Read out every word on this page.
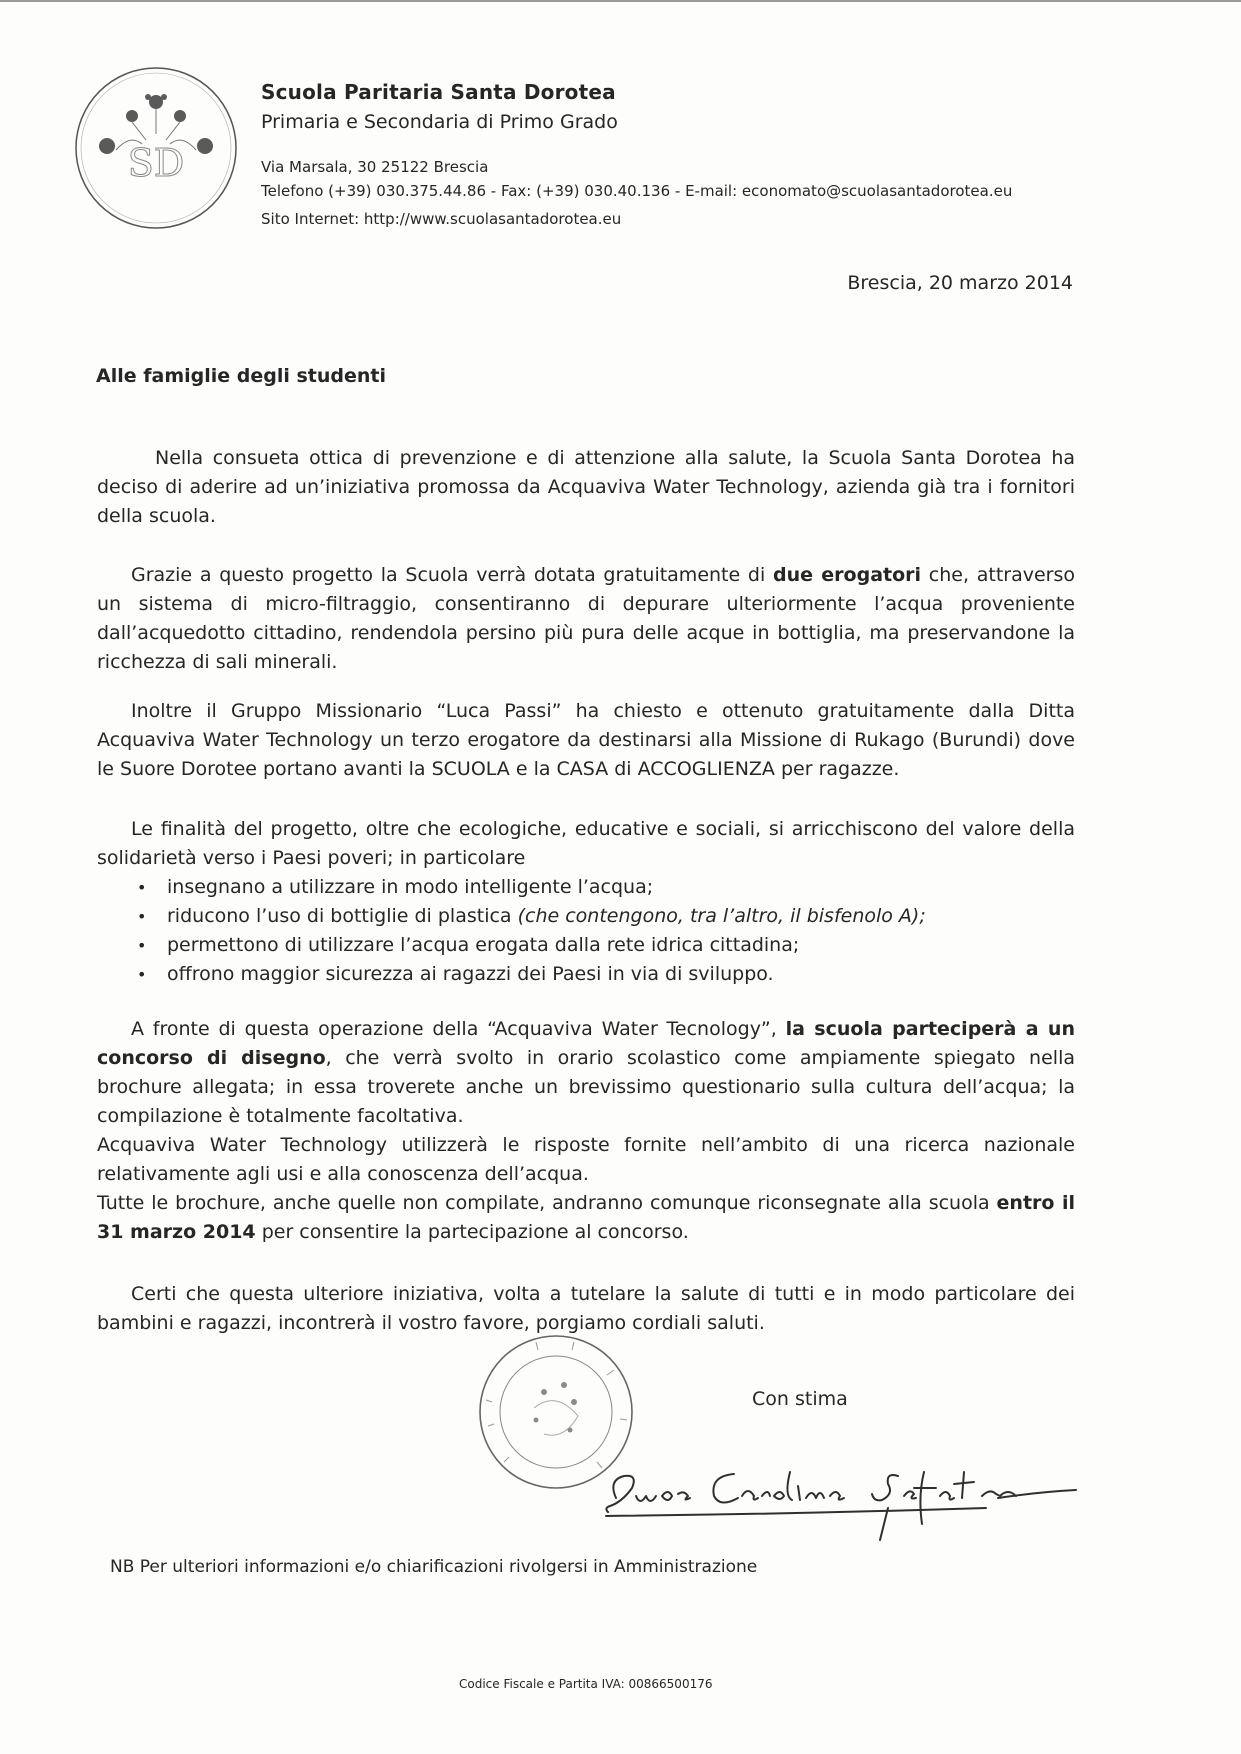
SD
Scuola Paritaria Santa Dorotea
Primaria e Secondaria di Primo Grado
Via Marsala, 30 25122 Brescia
Telefono (+39) 030.375.44.86 - Fax: (+39) 030.40.136 - E-mail: economato@scuolasantadorotea.eu
Sito Internet: http://www.scuolasantadorotea.eu
Brescia, 20 marzo 2014
Alle famiglie degli studenti

Nella consueta ottica di prevenzione e di attenzione alla salute, la Scuola Santa Dorotea ha deciso di aderire ad un’iniziativa promossa da Acquaviva Water Technology, azienda già tra i fornitori della scuola.

Grazie a questo progetto la Scuola verrà dotata gratuitamente di due erogatori che, attraverso un sistema di micro-filtraggio, consentiranno di depurare ulteriormente l’acqua proveniente dall’acquedotto cittadino, rendendola persino più pura delle acque in bottiglia, ma preservandone la ricchezza di sali minerali.

Inoltre il Gruppo Missionario “Luca Passi” ha chiesto e ottenuto gratuitamente dalla Ditta Acquaviva Water Technology un terzo erogatore da destinarsi alla Missione di Rukago (Burundi) dove le Suore Dorotee portano avanti la SCUOLA e la CASA di ACCOGLIENZA per ragazze.

Le finalità del progetto, oltre che ecologiche, educative e sociali, si arricchiscono del valore della solidarietà verso i Paesi poveri; in particolare

• insegnano a utilizzare in modo intelligente l’acqua;
• riducono l’uso di bottiglie di plastica (che contengono, tra l’altro, il bisfenolo A);
• permettono di utilizzare l’acqua erogata dalla rete idrica cittadina;
• offrono maggior sicurezza ai ragazzi dei Paesi in via di sviluppo.

A fronte di questa operazione della “Acquaviva Water Tecnology”, la scuola parteciperà a un concorso di disegno, che verrà svolto in orario scolastico come ampiamente spiegato nella brochure allegata; in essa troverete anche un brevissimo questionario sulla cultura dell’acqua; la compilazione è totalmente facoltativa.

Acquaviva Water Technology utilizzerà le risposte fornite nell’ambito di una ricerca nazionale relativamente agli usi e alla conoscenza dell’acqua.

Tutte le brochure, anche quelle non compilate, andranno comunque riconsegnate alla scuola entro il 31 marzo 2014 per consentire la partecipazione al concorso.

Certi che questa ulteriore iniziativa, volta a tutelare la salute di tutti e in modo particolare dei bambini e ragazzi, incontrerà il vostro favore, porgiamo cordiali saluti.

Con stima
NB Per ulteriori informazioni e/o chiarificazioni rivolgersi in Amministrazione
Codice Fiscale e Partita IVA: 00866500176
